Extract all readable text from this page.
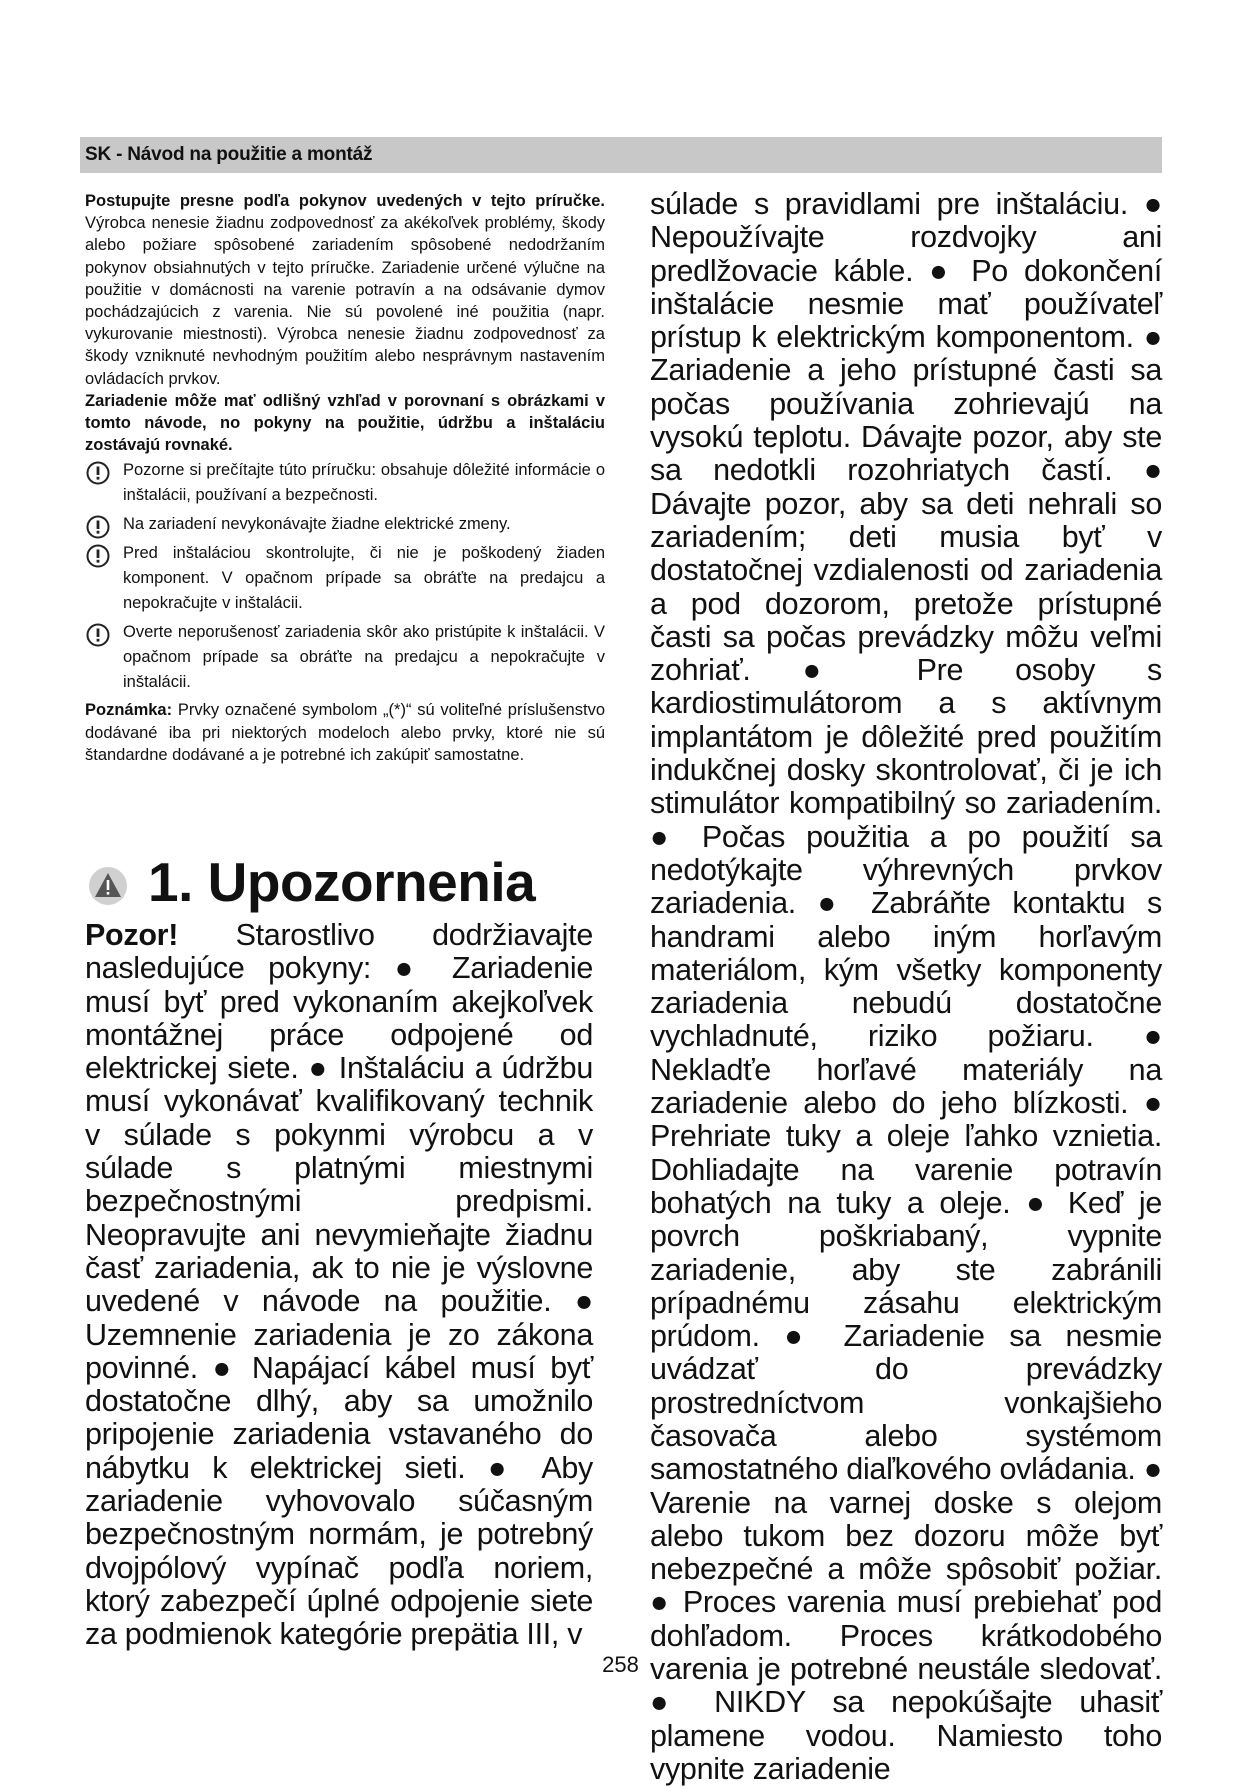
SK - Návod na použitie a montáž

Postupujte presne podľa pokynov uvedených v tejto príručke. Výrobca nenesie žiadnu zodpovednosť za akékoľvek problémy, škody alebo požiare spôsobené zariadením spôsobené nedodržaním pokynov obsiahnutých v tejto príručke. Zariadenie určené výlučne na použitie v domácnosti na varenie potravín a na odsávanie dymov pochádzajúcich z varenia. Nie sú povolené iné použitia (napr. vykurovanie miestnosti). Výrobca nenesie žiadnu zodpovednosť za škody vzniknuté nevhodným použitím alebo nesprávnym nastavením ovládacích prvkov.

Zariadenie môže mať odlišný vzhľad v porovnaní s obrázkami v tomto návode, no pokyny na použitie, údržbu a inštaláciu zostávajú rovnaké.

Pozorne si prečítajte túto príručku: obsahuje dôležité informácie o inštalácii, používaní a bezpečnosti.
Na zariadení nevykonávajte žiadne elektrické zmeny.
Pred inštaláciou skontrolujte, či nie je poškodený žiaden komponent. V opačnom prípade sa obráťte na predajcu a nepokračujte v inštalácii.
Overte neporušenosť zariadenia skôr ako pristúpite k inštalácii. V opačnom prípade sa obráťte na predajcu a nepokračujte v inštalácii.

Poznámka: Prvky označené symbolom „(*)“ sú voliteľné príslušenstvo dodávané iba pri niektorých modeloch alebo prvky, ktoré nie sú štandardne dodávané a je potrebné ich zakúpiť samostatne.

1. Upozornenia

Pozor! Starostlivo dodržiavajte nasledujúce pokyny: ● Zariadenie musí byť pred vykonaním akejkoľvek montážnej práce odpojené od elektrickej siete. ● Inštaláciu a údržbu musí vykonávať kvalifikovaný technik v súlade s pokynmi výrobcu a v súlade s platnými miestnymi bezpečnostnými predpismi. Neopravujte ani nevymieňajte žiadnu časť zariadenia, ak to nie je výslovne uvedené v návode na použitie. ● Uzemnenie zariadenia je zo zákona povinné. ● Napájací kábel musí byť dostatočne dlhý, aby sa umožnilo pripojenie zariadenia vstavaného do nábytku k elektrickej sieti. ● Aby zariadenie vyhovovalo súčasným bezpečnostným normám, je potrebný dvojpólový vypínač podľa noriem, ktorý zabezpečí úplné odpojenie siete za podmienok kategórie prepätia III, v

súlade s pravidlami pre inštaláciu. ● Nepoužívajte rozdvojky ani predlžovacie káble. ● Po dokončení inštalácie nesmie mať používateľ prístup k elektrickým komponentom. ● Zariadenie a jeho prístupné časti sa počas používania zohrievajú na vysokú teplotu. Dávajte pozor, aby ste sa nedotkli rozohriatych častí. ● Dávajte pozor, aby sa deti nehrali so zariadením; deti musia byť v dostatočnej vzdialenosti od zariadenia a pod dozorom, pretože prístupné časti sa počas prevádzky môžu veľmi zohriať. ● Pre osoby s kardiostimulátorom a s aktívnym implantátom je dôležité pred použitím indukčnej dosky skontrolovať, či je ich stimulátor kompatibilný so zariadením. ● Počas použitia a po použití sa nedotýkajte výhrevných prvkov zariadenia. ● Zabráňte kontaktu s handrami alebo iným horľavým materiálom, kým všetky komponenty zariadenia nebudú dostatočne vychladnuté, riziko požiaru. ● Nekladťe horľavé materiály na zariadenie alebo do jeho blízkosti. ● Prehriate tuky a oleje ľahko vznietia. Dohliadajte na varenie potravín bohatých na tuky a oleje. ● Keď je povrch poškriabaný, vypnite zariadenie, aby ste zabránili prípadnému zásahu elektrickým prúdom. ● Zariadenie sa nesmie uvádzať do prevádzky prostredníctvom vonkajšieho časovača alebo systémom samostatného diaľkového ovládania. ● Varenie na varnej doske s olejom alebo tukom bez dozoru môže byť nebezpečné a môže spôsobiť požiar. ● Proces varenia musí prebiehať pod dohľadom. Proces krátkodobého varenia je potrebné neustále sledovať. ● NIKDY sa nepokúšajte uhasiť plamene vodou. Namiesto toho vypnite zariadenie

258
